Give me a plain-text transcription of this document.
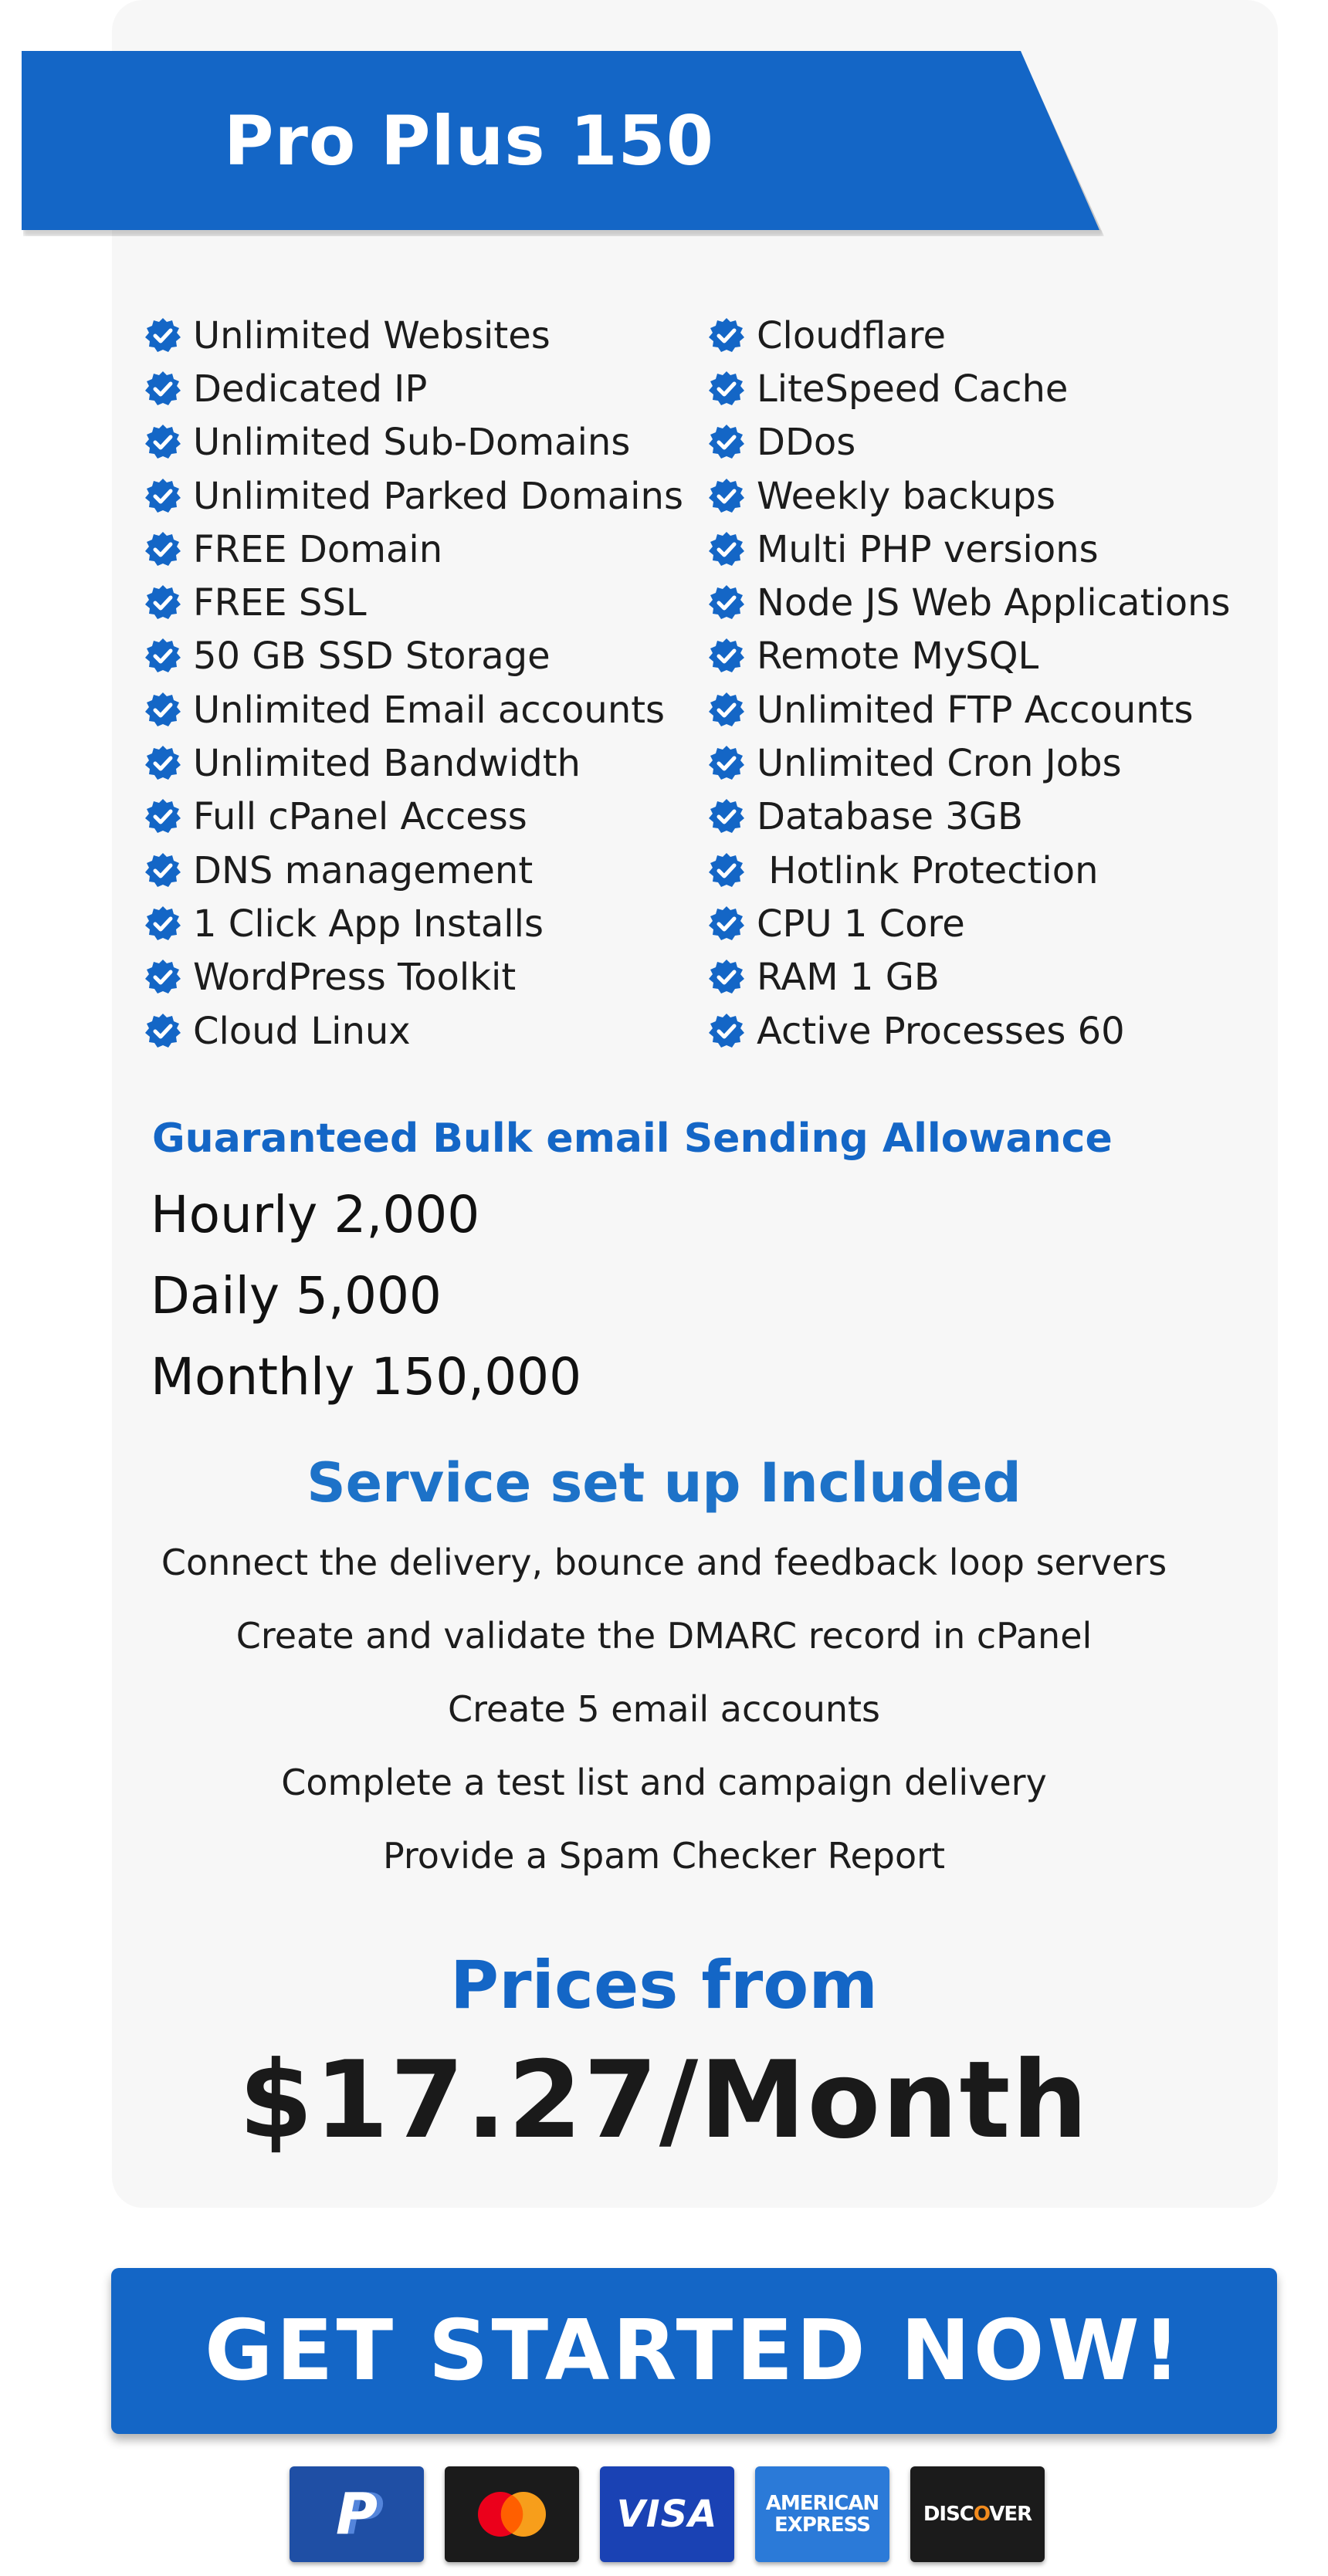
Pro Plus 150
Unlimited Websites
Dedicated IP
Unlimited Sub-Domains
Unlimited Parked Domains
FREE Domain
FREE SSL
50 GB SSD Storage
Unlimited Email accounts
Unlimited Bandwidth
Full cPanel Access
DNS management
1 Click App Installs
WordPress Toolkit
Cloud Linux
Cloudflare
LiteSpeed Cache
DDos
Weekly backups
Multi PHP versions
Node JS Web Applications
Remote MySQL
Unlimited FTP Accounts
Unlimited Cron Jobs
Database 3GB
Hotlink Protection
CPU 1 Core
RAM 1 GB
Active Processes 60
Guaranteed Bulk email Sending Allowance
Hourly 2,000
Daily 5,000
Monthly 150,000
Service set up Included
Connect the delivery, bounce and feedback loop servers
Create and validate the DMARC record in cPanel
Create 5 email accounts
Complete a test list and campaign delivery
Provide a Spam Checker Report
Prices from
$17.27/Month
GET STARTED NOW!
P	VISA AMERICAN
EXPRESS	DISCOVER
